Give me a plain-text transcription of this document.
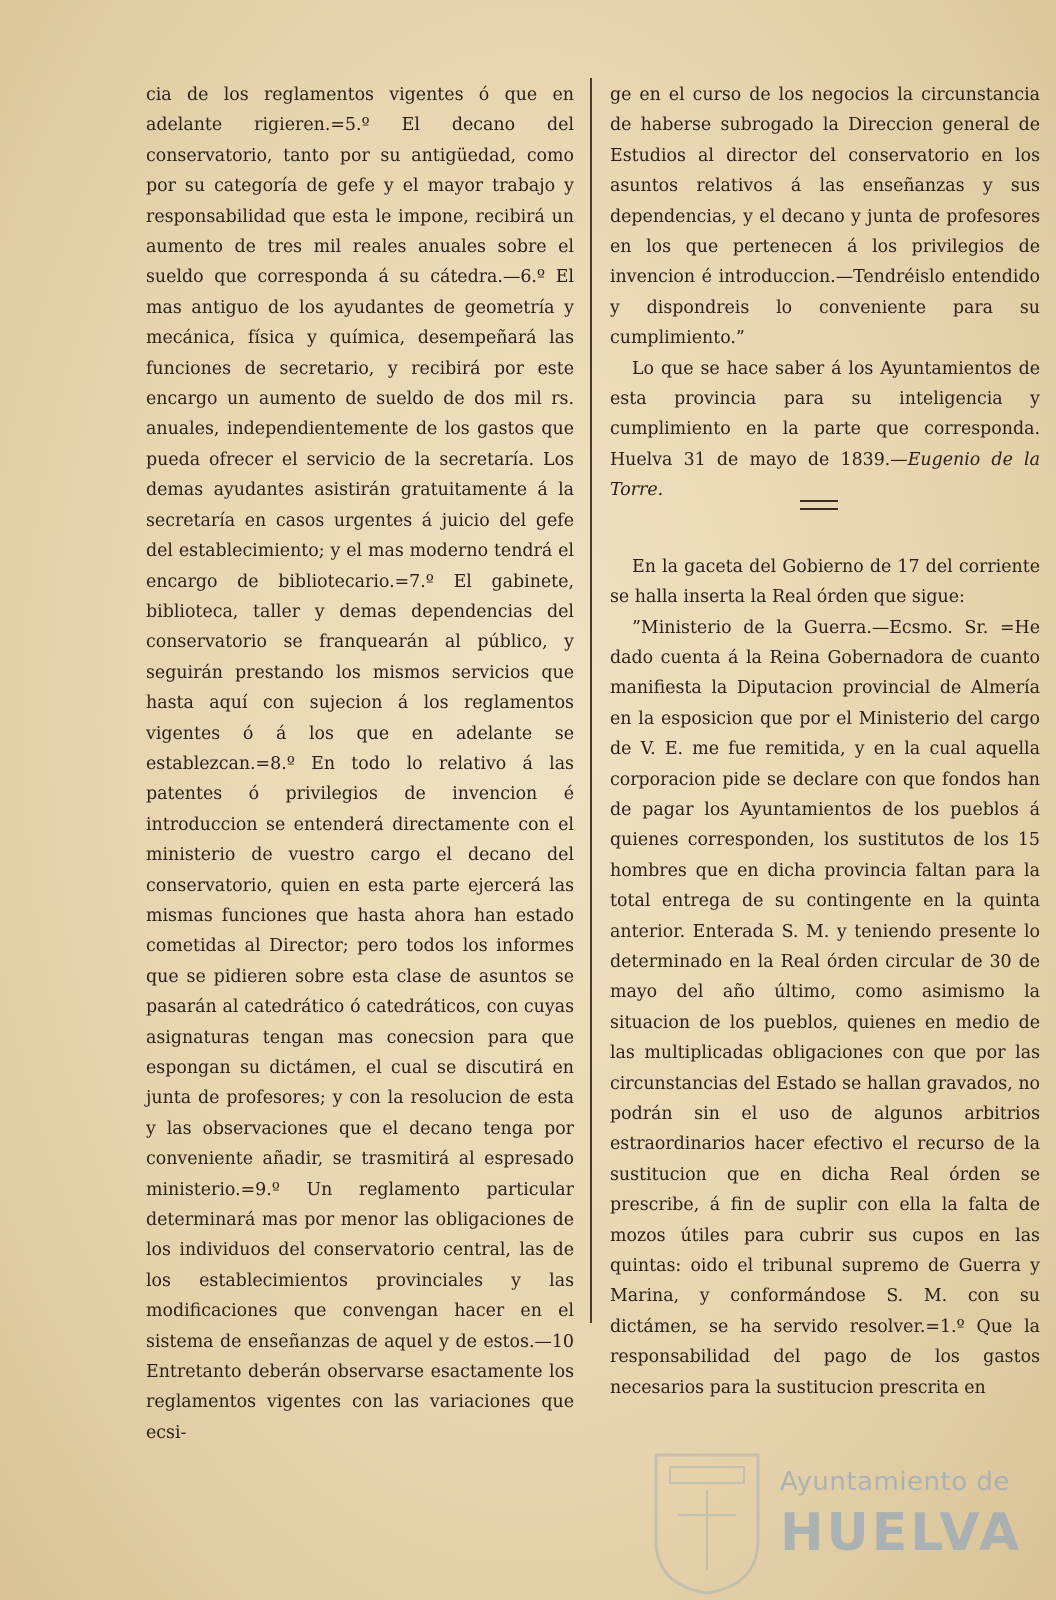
cia de los reglamentos vigentes ó que en adelante rigieren.=5.º El decano del conservatorio, tanto por su antigüedad, como por su categoría de gefe y el mayor trabajo y responsabilidad que esta le impone, recibirá un aumento de tres mil reales anuales sobre el sueldo que corresponda á su cátedra.—6.º El mas antiguo de los ayudantes de geometría y mecánica, física y química, desempeñará las funciones de secretario, y recibirá por este encargo un aumento de sueldo de dos mil rs. anuales, independientemente de los gastos que pueda ofrecer el servicio de la secretaría. Los demas ayudantes asistirán gratuitamente á la secretaría en casos urgentes á juicio del gefe del establecimiento; y el mas moderno tendrá el encargo de bibliotecario.=7.º El gabinete, biblioteca, taller y demas dependencias del conservatorio se franquearán al público, y seguirán prestando los mismos servicios que hasta aquí con sujecion á los reglamentos vigentes ó á los que en adelante se establezcan.=8.º En todo lo relativo á las patentes ó privilegios de invencion é introduccion se entenderá directamente con el ministerio de vuestro cargo el decano del conservatorio, quien en esta parte ejercerá las mismas funciones que hasta ahora han estado cometidas al Director; pero todos los informes que se pidieren sobre esta clase de asuntos se pasarán al catedrático ó catedráticos, con cuyas asignaturas tengan mas conecsion para que espongan su dictámen, el cual se discutirá en junta de profesores; y con la resolucion de esta y las observaciones que el decano tenga por conveniente añadir, se trasmitirá al espresado ministerio.=9.º Un reglamento particular determinará mas por menor las obligaciones de los individuos del conservatorio central, las de los establecimientos provinciales y las modificaciones que convengan hacer en el sistema de enseñanzas de aquel y de estos.—10 Entretanto deberán observarse esactamente los reglamentos vigentes con las variaciones que ecsi-

ge en el curso de los negocios la circunstancia de haberse subrogado la Direccion general de Estudios al director del conservatorio en los asuntos relativos á las enseñanzas y sus dependencias, y el decano y junta de profesores en los que pertenecen á los privilegios de invencion é introduccion.—Tendréislo entendido y dispondreis lo conveniente para su cumplimiento.”

Lo que se hace saber á los Ayuntamientos de esta provincia para su inteligencia y cumplimiento en la parte que corresponda. Huelva 31 de mayo de 1839.—Eugenio de la Torre.

En la gaceta del Gobierno de 17 del corriente se halla inserta la Real órden que sigue:

”Ministerio de la Guerra.—Ecsmo. Sr. =He dado cuenta á la Reina Gobernadora de cuanto manifiesta la Diputacion provincial de Almería en la esposicion que por el Ministerio del cargo de V. E. me fue remitida, y en la cual aquella corporacion pide se declare con que fondos han de pagar los Ayuntamientos de los pueblos á quienes corresponden, los sustitutos de los 15 hombres que en dicha provincia faltan para la total entrega de su contingente en la quinta anterior. Enterada S. M. y teniendo presente lo determinado en la Real órden circular de 30 de mayo del año último, como asimismo la situacion de los pueblos, quienes en medio de las multiplicadas obligaciones con que por las circunstancias del Estado se hallan gravados, no podrán sin el uso de algunos arbitrios estraordinarios hacer efectivo el recurso de la sustitucion que en dicha Real órden se prescribe, á fin de suplir con ella la falta de mozos útiles para cubrir sus cupos en las quintas: oido el tribunal supremo de Guerra y Marina, y conformándose S. M. con su dictámen, se ha servido resolver.=1.º Que la responsabilidad del pago de los gastos necesarios para la sustitucion prescrita en

Ayuntamiento de
HUELVA
